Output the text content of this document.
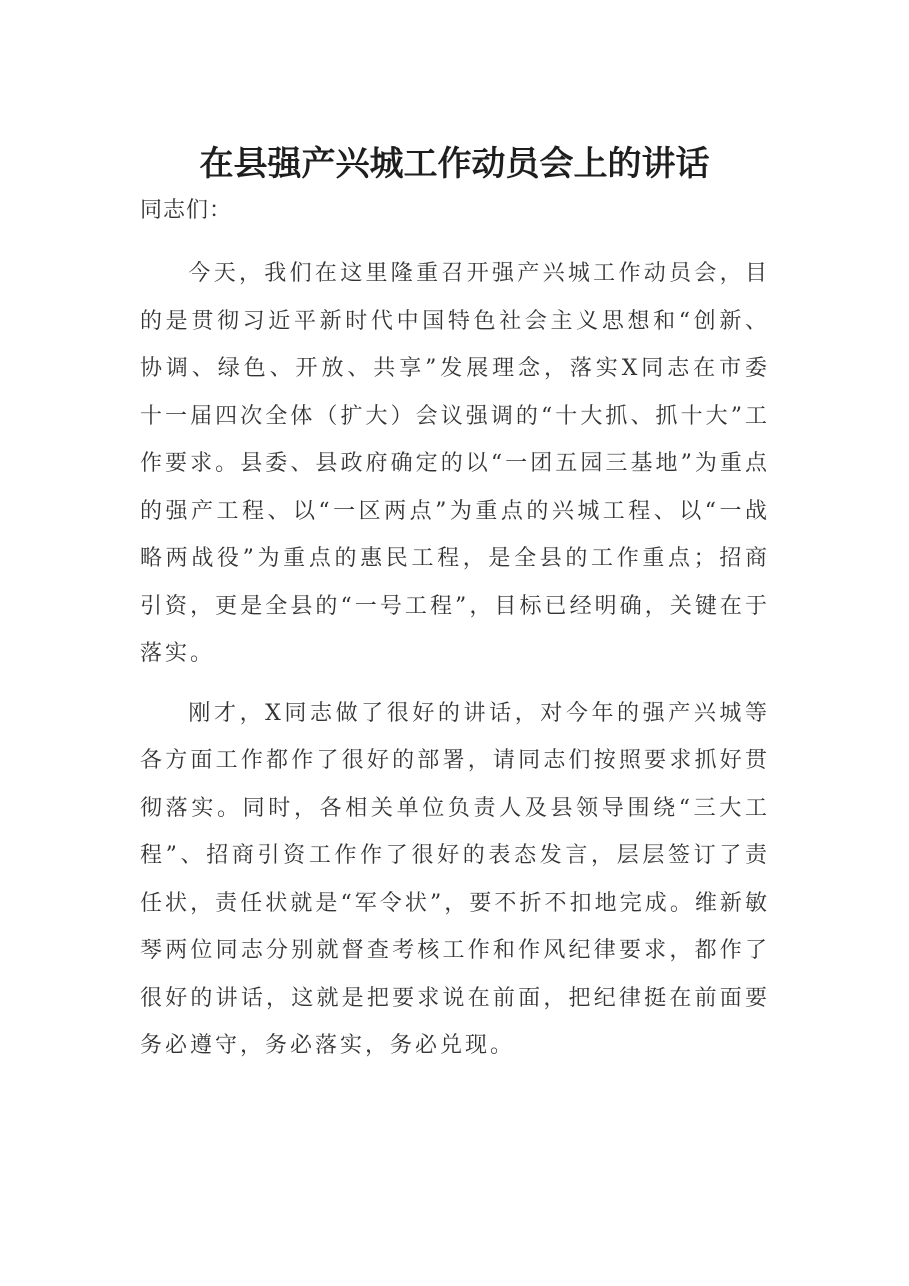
在县强产兴城工作动员会上的讲话

同志们：

今天，我们在这里隆重召开强产兴城工作动员会，目的是贯彻习近平新时代中国特色社会主义思想和“创新、协调、绿色、开放、共享”发展理念，落实X同志在市委十一届四次全体（扩大）会议强调的“十大抓、抓十大”工作要求。县委、县政府确定的以“一团五园三基地”为重点的强产工程、以“一区两点”为重点的兴城工程、以“一战略两战役”为重点的惠民工程，是全县的工作重点；招商引资，更是全县的“一号工程”，目标已经明确，关键在于落实。

刚才，X同志做了很好的讲话，对今年的强产兴城等各方面工作都作了很好的部署，请同志们按照要求抓好贯彻落实。同时，各相关单位负责人及县领导围绕“三大工程”、招商引资工作作了很好的表态发言，层层签订了责任状，责任状就是“军令状”，要不折不扣地完成。维新敏琴两位同志分别就督查考核工作和作风纪律要求，都作了很好的讲话，这就是把要求说在前面，把纪律挺在前面要务必遵守，务必落实，务必兑现。
